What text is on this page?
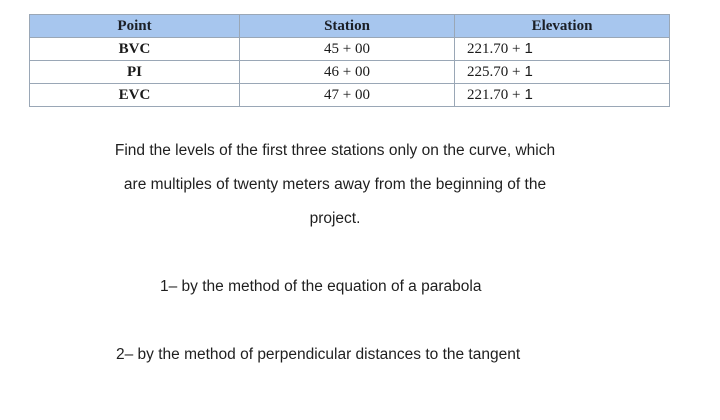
Point	Station	Elevation
BVC	45 + 00	221.70 + 1
PI	46 + 00	225.70 + 1
EVC	47 + 00	221.70 + 1
Find the levels of the first three stations only on the curve, which
are multiples of twenty meters away from the beginning of the
project.
1– by the method of the equation of a parabola
2– by the method of perpendicular distances to the tangent
